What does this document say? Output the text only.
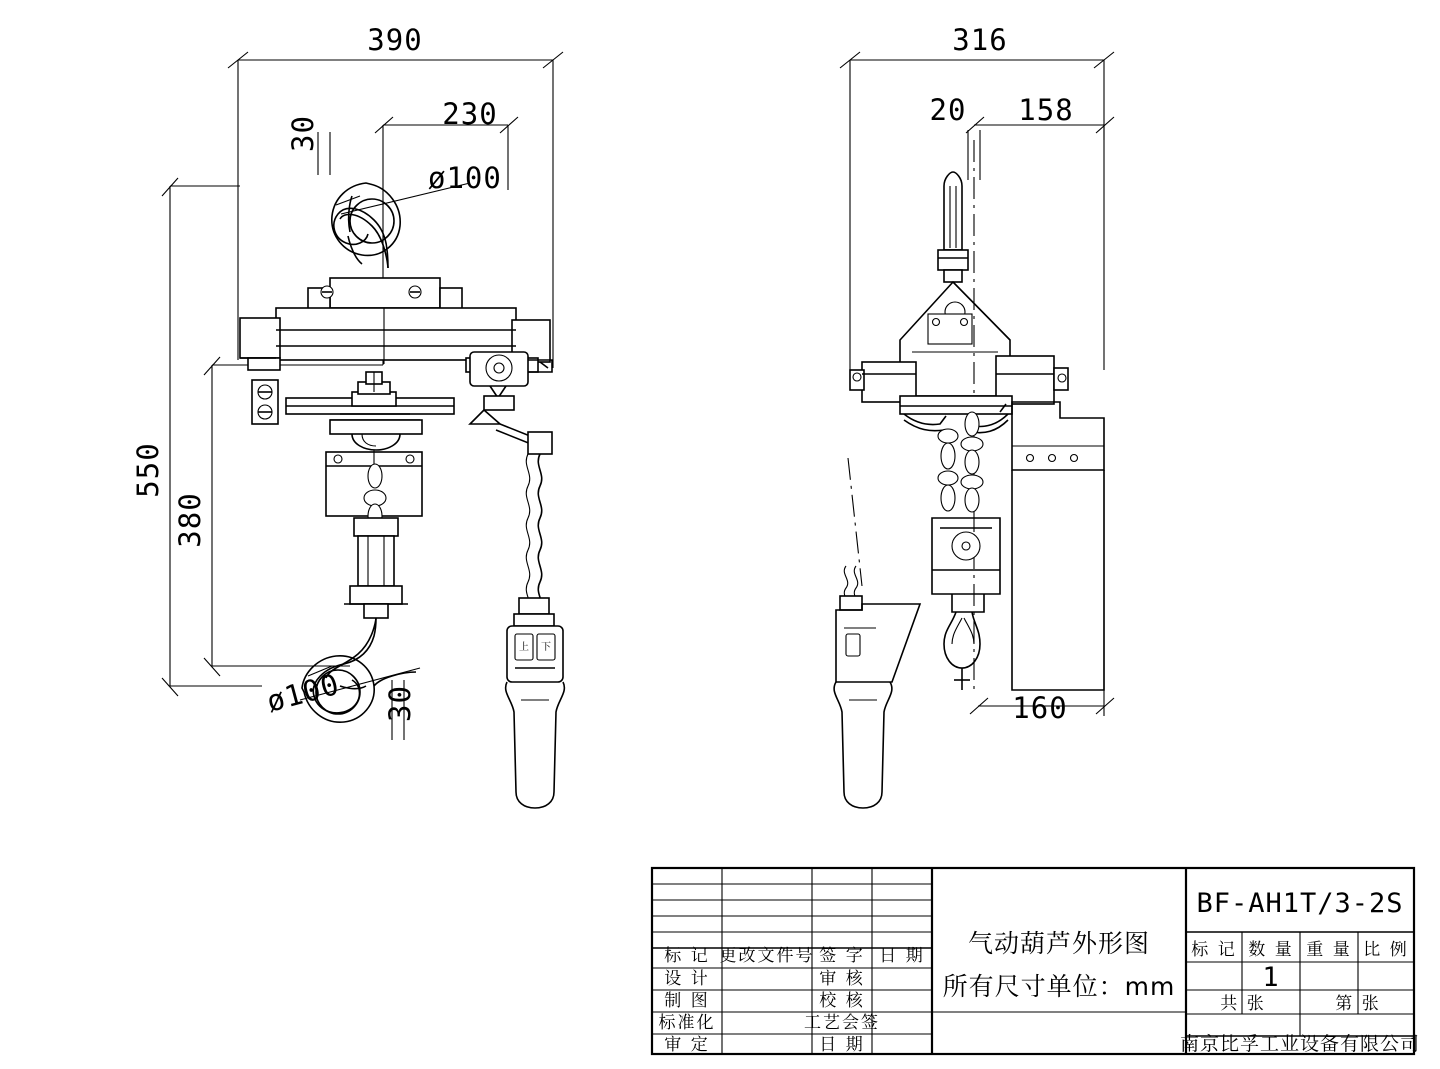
上 下
390
230
30
ø100
550
380
ø100 30
316
20 158
160
标 记 更改文件号 签 字 日 期
设 计
制 图
标准化
审 定
审 核
校 核
工艺会签
日 期
气动葫芦外形图
所有尺寸单位：mm
BF-AH1T/3-2S
标 记 数 量 重 量 比 例
1
共 张	第 张
南京比孚工业设备有限公司
